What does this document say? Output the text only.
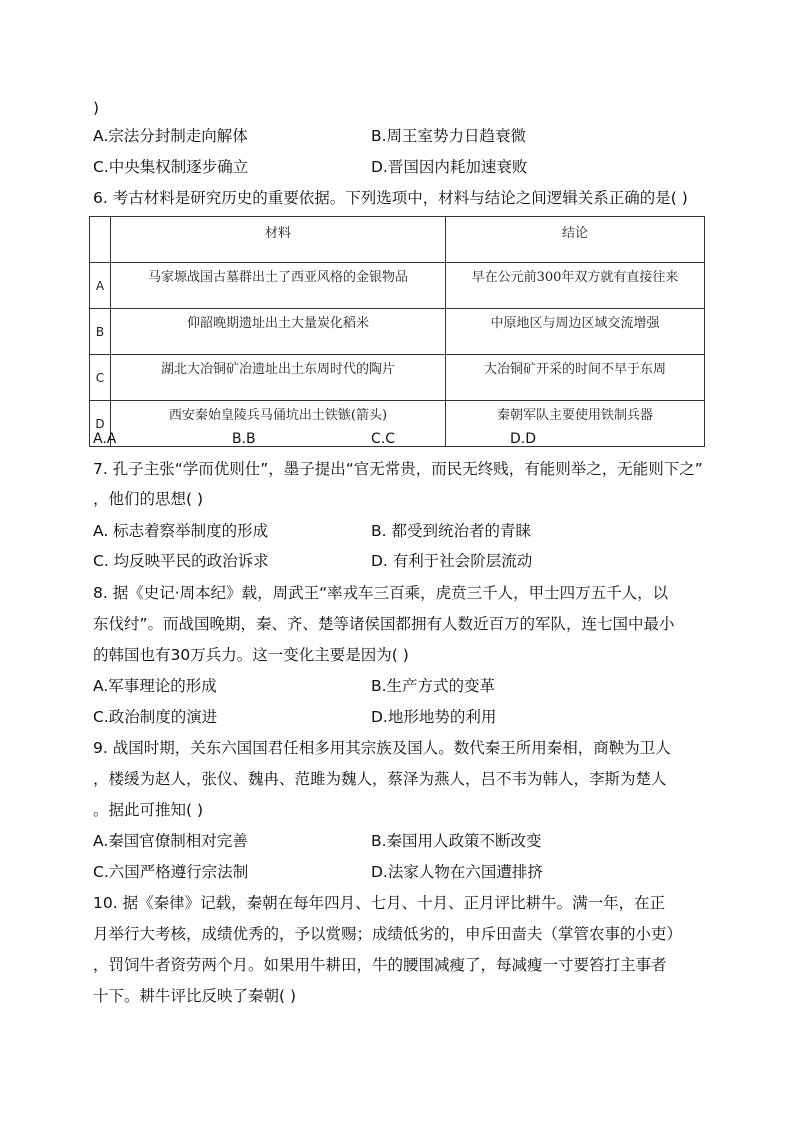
)
A.宗法分封制走向解体	B.周王室势力日趋衰微
C.中央集权制逐步确立	D.晋国因内耗加速衰败
6. 考古材料是研究历史的重要依据。下列选项中，材料与结论之间逻辑关系正确的是( )
	材料	结论
A	马家塬战国古墓群出土了西亚风格的金银物品	早在公元前300年双方就有直接往来
B	仰韶晚期遗址出土大量炭化稻米	中原地区与周边区域交流增强
C	湖北大冶铜矿冶遗址出土东周时代的陶片	大冶铜矿开采的时间不早于东周
D	西安秦始皇陵兵马俑坑出土铁镞(箭头)	秦朝军队主要使用铁制兵器
A.A	B.B	C.C	D.D
7. 孔子主张“学而优则仕”，墨子提出“官无常贵，而民无终贱，有能则举之，无能则下之”
，他们的思想( )
A. 标志着察举制度的形成	B. 都受到统治者的青睐
C. 均反映平民的政治诉求	D. 有利于社会阶层流动
8. 据《史记·周本纪》载，周武王“率戎车三百乘，虎贲三千人，甲士四万五千人，以
东伐纣”。而战国晚期，秦、齐、楚等诸侯国都拥有人数近百万的军队，连七国中最小
的韩国也有30万兵力。这一变化主要是因为( )
A.军事理论的形成	B.生产方式的变革
C.政治制度的演进	D.地形地势的利用
9. 战国时期，关东六国国君任相多用其宗族及国人。数代秦王所用秦相，商鞅为卫人
，楼缓为赵人，张仪、魏冉、范雎为魏人，蔡泽为燕人，吕不韦为韩人，李斯为楚人
。据此可推知( )
A.秦国官僚制相对完善	B.秦国用人政策不断改变
C.六国严格遵行宗法制	D.法家人物在六国遭排挤
10. 据《秦律》记载，秦朝在每年四月、七月、十月、正月评比耕牛。满一年，在正
月举行大考核，成绩优秀的，予以赏赐；成绩低劣的，申斥田啬夫（掌管农事的小吏）
，罚饲牛者资劳两个月。如果用牛耕田，牛的腰围减瘦了，每减瘦一寸要笞打主事者
十下。耕牛评比反映了秦朝( )
